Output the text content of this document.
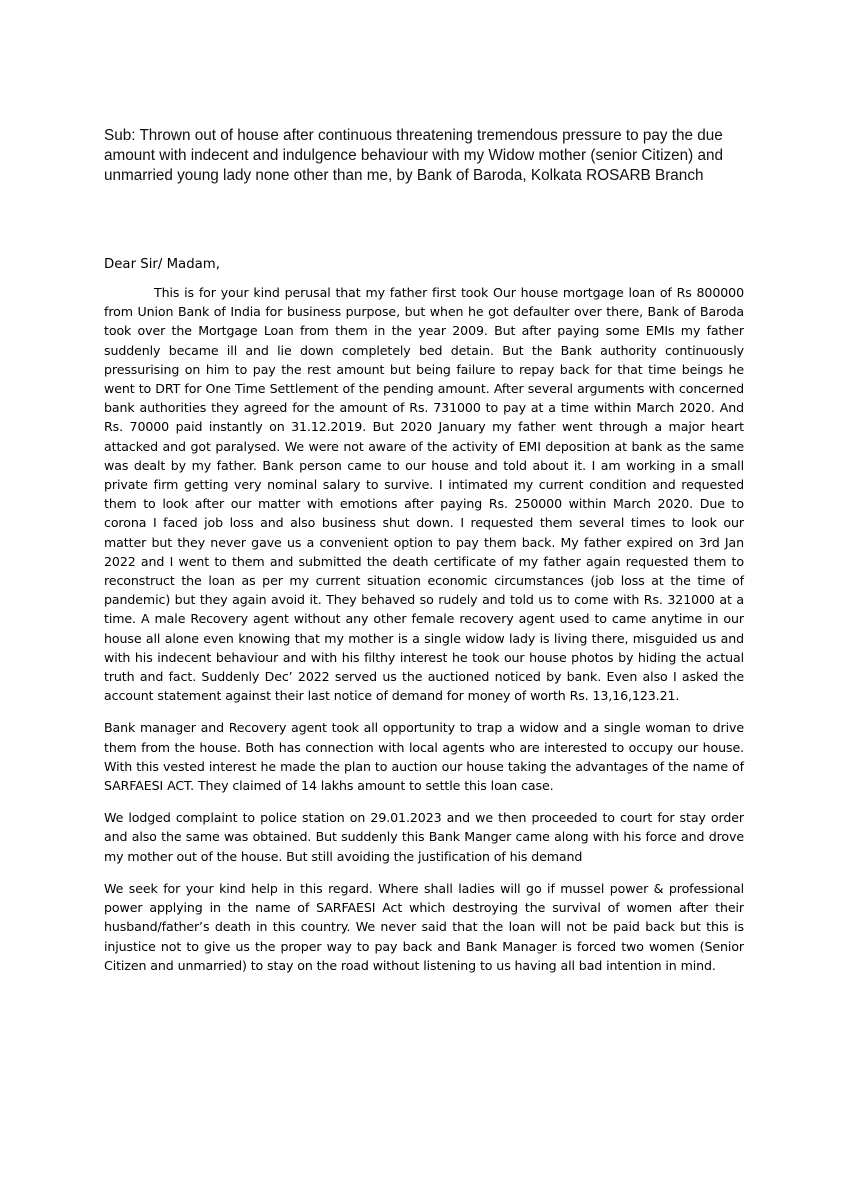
Sub: Thrown out of house after continuous threatening tremendous pressure to pay the due amount with indecent and indulgence behaviour with my Widow mother (senior Citizen) and unmarried young lady none other than me, by Bank of Baroda, Kolkata ROSARB Branch
Dear Sir/ Madam,

This is for your kind perusal that my father first took Our house mortgage loan of Rs 800000 from Union Bank of India for business purpose, but when he got defaulter over there, Bank of Baroda took over the Mortgage Loan from them in the year 2009. But after paying some EMIs my father suddenly became ill and lie down completely bed detain. But the Bank authority continuously pressurising on him to pay the rest amount but being failure to repay back for that time beings he went to DRT for One Time Settlement of the pending amount. After several arguments with concerned bank authorities they agreed for the amount of Rs. 731000 to pay at a time within March 2020. And Rs. 70000 paid instantly on 31.12.2019. But 2020 January my father went through a major heart attacked and got paralysed. We were not aware of the activity of EMI deposition at bank as the same was dealt by my father. Bank person came to our house and told about it. I am working in a small private firm getting very nominal salary to survive. I intimated my current condition and requested them to look after our matter with emotions after paying Rs. 250000 within March 2020. Due to corona I faced job loss and also business shut down. I requested them several times to look our matter but they never gave us a convenient option to pay them back. My father expired on 3rd Jan 2022 and I went to them and submitted the death certificate of my father again requested them to reconstruct the loan as per my current situation economic circumstances (job loss at the time of pandemic) but they again avoid it. They behaved so rudely and told us to come with Rs. 321000 at a time. A male Recovery agent without any other female recovery agent used to came anytime in our house all alone even knowing that my mother is a single widow lady is living there, misguided us and with his indecent behaviour and with his filthy interest he took our house photos by hiding the actual truth and fact. Suddenly Dec’ 2022 served us the auctioned noticed by bank. Even also I asked the account statement against their last notice of demand for money of worth Rs. 13,16,123.21.

Bank manager and Recovery agent took all opportunity to trap a widow and a single woman to drive them from the house. Both has connection with local agents who are interested to occupy our house. With this vested interest he made the plan to auction our house taking the advantages of the name of SARFAESI ACT. They claimed of 14 lakhs amount to settle this loan case.

We lodged complaint to police station on 29.01.2023 and we then proceeded to court for stay order and also the same was obtained. But suddenly this Bank Manger came along with his force and drove my mother out of the house. But still avoiding the justification of his demand

We seek for your kind help in this regard. Where shall ladies will go if mussel power & professional power applying in the name of SARFAESI Act which destroying the survival of women after their husband/father’s death in this country. We never said that the loan will not be paid back but this is injustice not to give us the proper way to pay back and Bank Manager is forced two women (Senior Citizen and unmarried) to stay on the road without listening to us having all bad intention in mind.
